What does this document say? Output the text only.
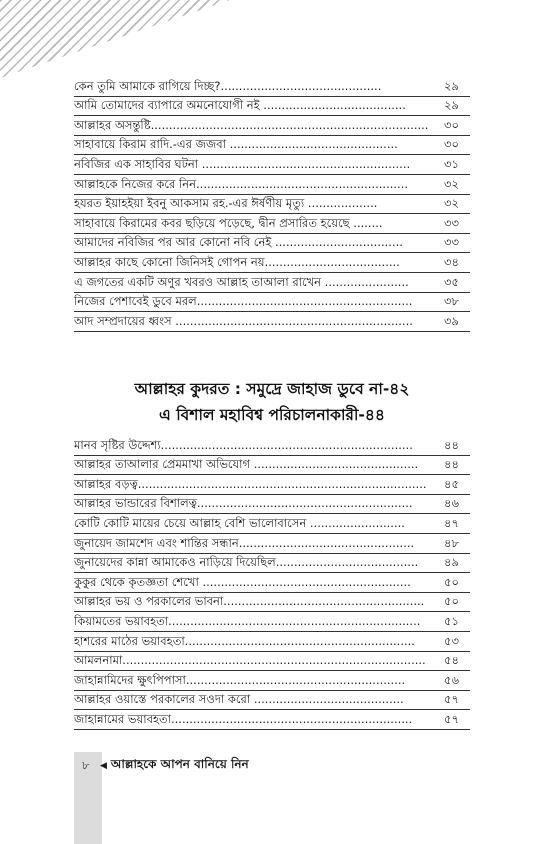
কেন তুমি আমাকে রাগিয়ে দিচ্ছ?............................................	২৯
আমি তোমাদের ব্যাপারে অমনোযোগী নই .......................................	২৯
আল্লাহর অসন্তুষ্টি............................................................................	৩০
সাহাবায়ে কিরাম রাদি.-এর জজবা ..............................................	৩০
নবিজির এক সাহাবির ঘটনা .........................................................	৩১
আল্লাহকে নিজের করে নিন..........................................................	৩২
হযরত ইয়াহইয়া ইবনু আকসাম রহ.-এর ঈর্ষণীয় মৃত্যু ...................	৩২
সাহাবায়ে কিরামের কবর ছড়িয়ে পড়েছে, দ্বীন প্রসারিত হয়েছে ........	৩৩
আমাদের নবিজির পর আর কোনো নবি নেই ...................................	৩৩
আল্লাহর কাছে কোনো জিনিসই গোপন নয়.....................................	৩৪
এ জগতের একটি অণুর খবরও আল্লাহ তাআলা রাখেন .......................	৩৫
নিজের পেশাবেই ডুবে মরল...........................................................	৩৮
আদ সম্প্রদায়ের ধ্বংস .................................................................	৩৯
আল্লাহর কুদরত : সমুদ্রে জাহাজ ডুবে না-৪২
এ বিশাল মহাবিশ্ব পরিচালনাকারী-৪৪
মানব সৃষ্টির উদ্দেশ্য.....................................................................	৪৪
আল্লাহর তাআলার প্রেমমাখা অভিযোগ .............................................	৪৪
আল্লাহর বড়ত্ব...............................................................................	৪৫
আল্লাহর ভান্ডারের বিশালত্ব...........................................................	৪৬
কোটি কোটি মায়ের চেয়ে আল্লাহ বেশি ভালোবাসেন ..........................	৪৭
জুনায়েদ জামশেদ এবং শান্তির সন্ধান................................................	৪৮
জুনায়েদের কান্না আমাকেও নাড়িয়ে দিয়েছিল.......................................	৪৯
কুকুর থেকে কৃতজ্ঞতা শেখো .........................................................	৫০
আল্লাহর ভয় ও পরকালের ভাবনা.......................................................	৫০
কিয়ামতের ভয়াবহতা.....................................................................	৫১
হাশরের মাঠের ভয়াবহতা...............................................................	৫৩
আমলনামা...................................................................................	৫৪
জাহান্নামিদের ক্ষুৎপিপাসা............................................................	৫৬
আল্লাহর ওয়াস্তে পরকালের সওদা করো .........................................	৫৭
জাহান্নামের ভয়াবহতা..................................................................	৫৭
৮	◀ আল্লাহকে আপন বানিয়ে নিন
